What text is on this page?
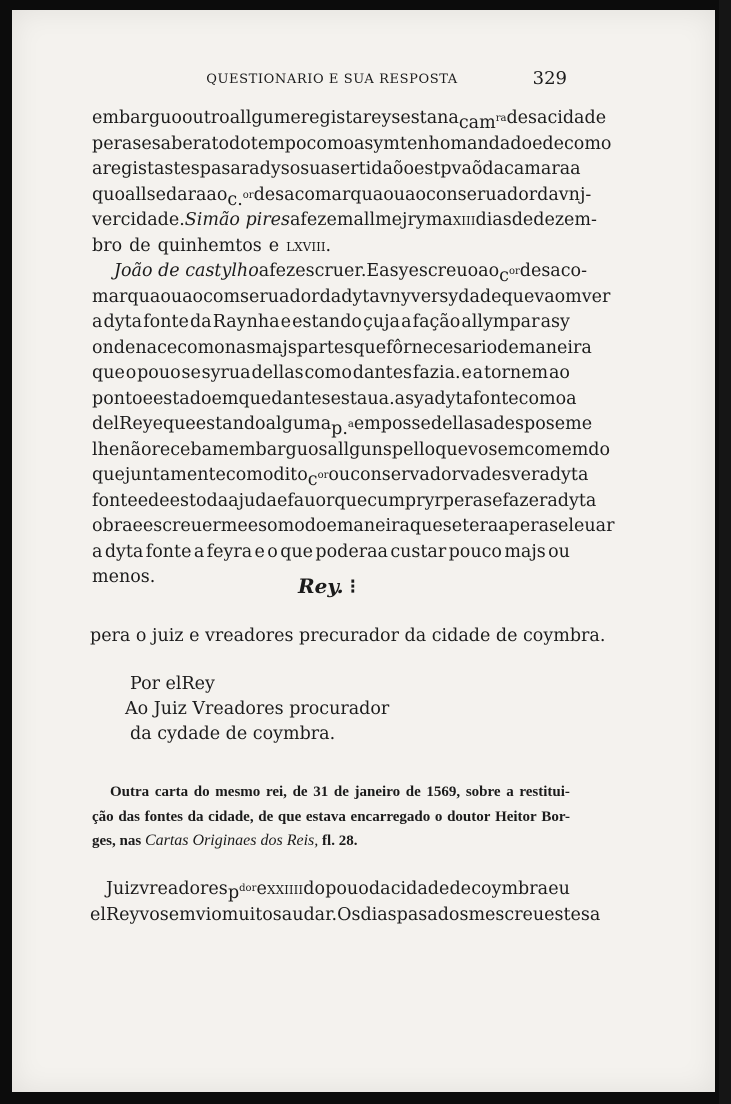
QUESTIONARIO E SUA RESPOSTA	329
embarguo outro allgum e registareys esta na cam$^{ra}$ desa cidade
pera se saber a todo tempo como asym tenho mandado e de como
a registastes pasara dyso sua sertidaõ o estpvaõ da camara a
quoall se dara ao c.$^{or}$ desa comarqua ou ao conseruador da vnj-
vercidade. Simão pires a fez em allmejrym a xiii dias de dezem-
bro de quinhemtos e lxviii.
João de castylho a fez escruer. E asy escreuo ao $c^{or}$ desa co-
marqua ou ao comseruador da dyta vnyversydade que vaom ver
a dyta fonte da Raynha e estando çuja a fação allympar asy
onde nace como nas majs partes que fôr necesario de maneira
que o pouo se syrua dellas como dantes fazia. e a tornem ao
ponto e estado em que dantes estaua. asy a dyta fonte como a
delRey e que estando alguma p.$^a$ em posse dellas a desposem e
lhe não recebam embarguos allguns pello que vos emcomemdo
que juntamente com o dito $c^{or}$ ou conservador vades ver a dyta
fonte e dees toda ajuda e fauor que cumpryr pera se fazer a dyta
obra e escreuermees o modo e maneira que se teraa pera se leuar
a dyta fonte a feyra e o que poderaa custar pouco majs ou
menos.	Rey. ⁝
pera o juiz e vreadores precurador da cidade de coymbra.
Por elRey
Ao Juiz Vreadores procurador
da cydade de coymbra.
Outra carta do mesmo rei, de 31 de janeiro de 1569, sobre a restitui-
ção das fontes da cidade, de que estava encarregado o doutor Heitor Bor-
ges, nas
Cartas Originaes dos Reis,
fl. 28.
Juiz vreadores $p^{dor}$ e xxiiii do pouo da cidade de coymbra eu
elRey vos emvio muito saudar. Os dias pasados me screuestes a
